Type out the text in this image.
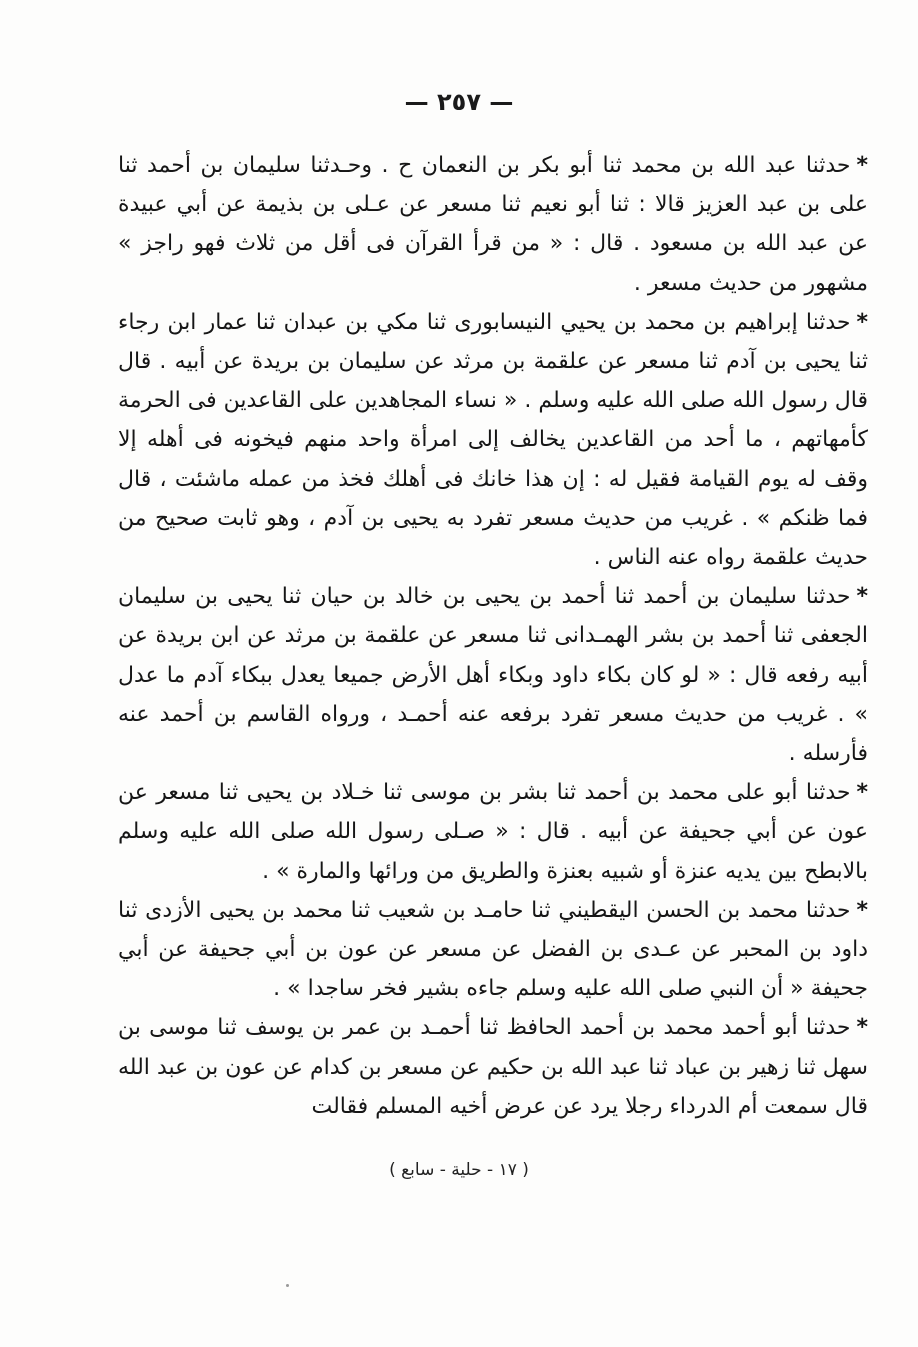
— ٢٥٧ —

*حدثنا عبد الله بن محمد ثنا أبو بكر بن النعمان ح . وحـدثنا سليمان بن أحمد ثنا على بن عبد العزيز قالا : ثنا أبو نعيم ثنا مسعر عن عـلى بن بذيمة عن أبي عبيدة عن عبد الله بن مسعود . قال : « من قرأ القرآن فى أقل من ثلاث فهو راجز » مشهور من حديث مسعر .

*حدثنا إبراهيم بن محمد بن يحيي النيسابورى ثنا مكي بن عبدان ثنا عمار ابن رجاء ثنا يحيى بن آدم ثنا مسعر عن علقمة بن مرثد عن سليمان بن بريدة عن أبيه . قال قال رسول الله صلى الله عليه وسلم . « نساء المجاهدين على القاعدين فى الحرمة كأمهاتهم ، ما أحد من القاعدين يخالف إلى امرأة واحد منهم فيخونه فى أهله إلا وقف له يوم القيامة فقيل له : إن هذا خانك فى أهلك فخذ من عمله ماشئت ، قال فما ظنكم » . غريب من حديث مسعر تفرد به يحيى بن آدم ، وهو ثابت صحيح من حديث علقمة رواه عنه الناس .

*حدثنا سليمان بن أحمد ثنا أحمد بن يحيى بن خالد بن حيان ثنا يحيى بن سليمان الجعفى ثنا أحمد بن بشر الهمـدانى ثنا مسعر عن علقمة بن مرثد عن ابن بريدة عن أبيه رفعه قال : « لو كان بكاء داود وبكاء أهل الأرض جميعا يعدل ببكاء آدم ما عدل » . غريب من حديث مسعر تفرد برفعه عنه أحمـد ، ورواه القاسم بن أحمد عنه فأرسله .

*حدثنا أبو على محمد بن أحمد ثنا بشر بن موسى ثنا خـلاد بن يحيى ثنا مسعر عن عون عن أبي جحيفة عن أبيه . قال : « صـلى رسول الله صلى الله عليه وسلم بالابطح بين يديه عنزة أو شبيه بعنزة والطريق من ورائها والمارة » .

*حدثنا محمد بن الحسن اليقطيني ثنا حامـد بن شعيب ثنا محمد بن يحيى الأزدى ثنا داود بن المحبر عن عـدى بن الفضل عن مسعر عن عون بن أبي جحيفة عن أبي جحيفة « أن النبي صلى الله عليه وسلم جاءه بشير فخر ساجدا » .

*حدثنا أبو أحمد محمد بن أحمد الحافظ ثنا أحمـد بن عمر بن يوسف ثنا موسى بن سهل ثنا زهير بن عباد ثنا عبد الله بن حكيم عن مسعر بن كدام عن عون بن عبد الله قال سمعت أم الدرداء رجلا يرد عن عرض أخيه المسلم فقالت

( ١٧ - حلية - سابع )
